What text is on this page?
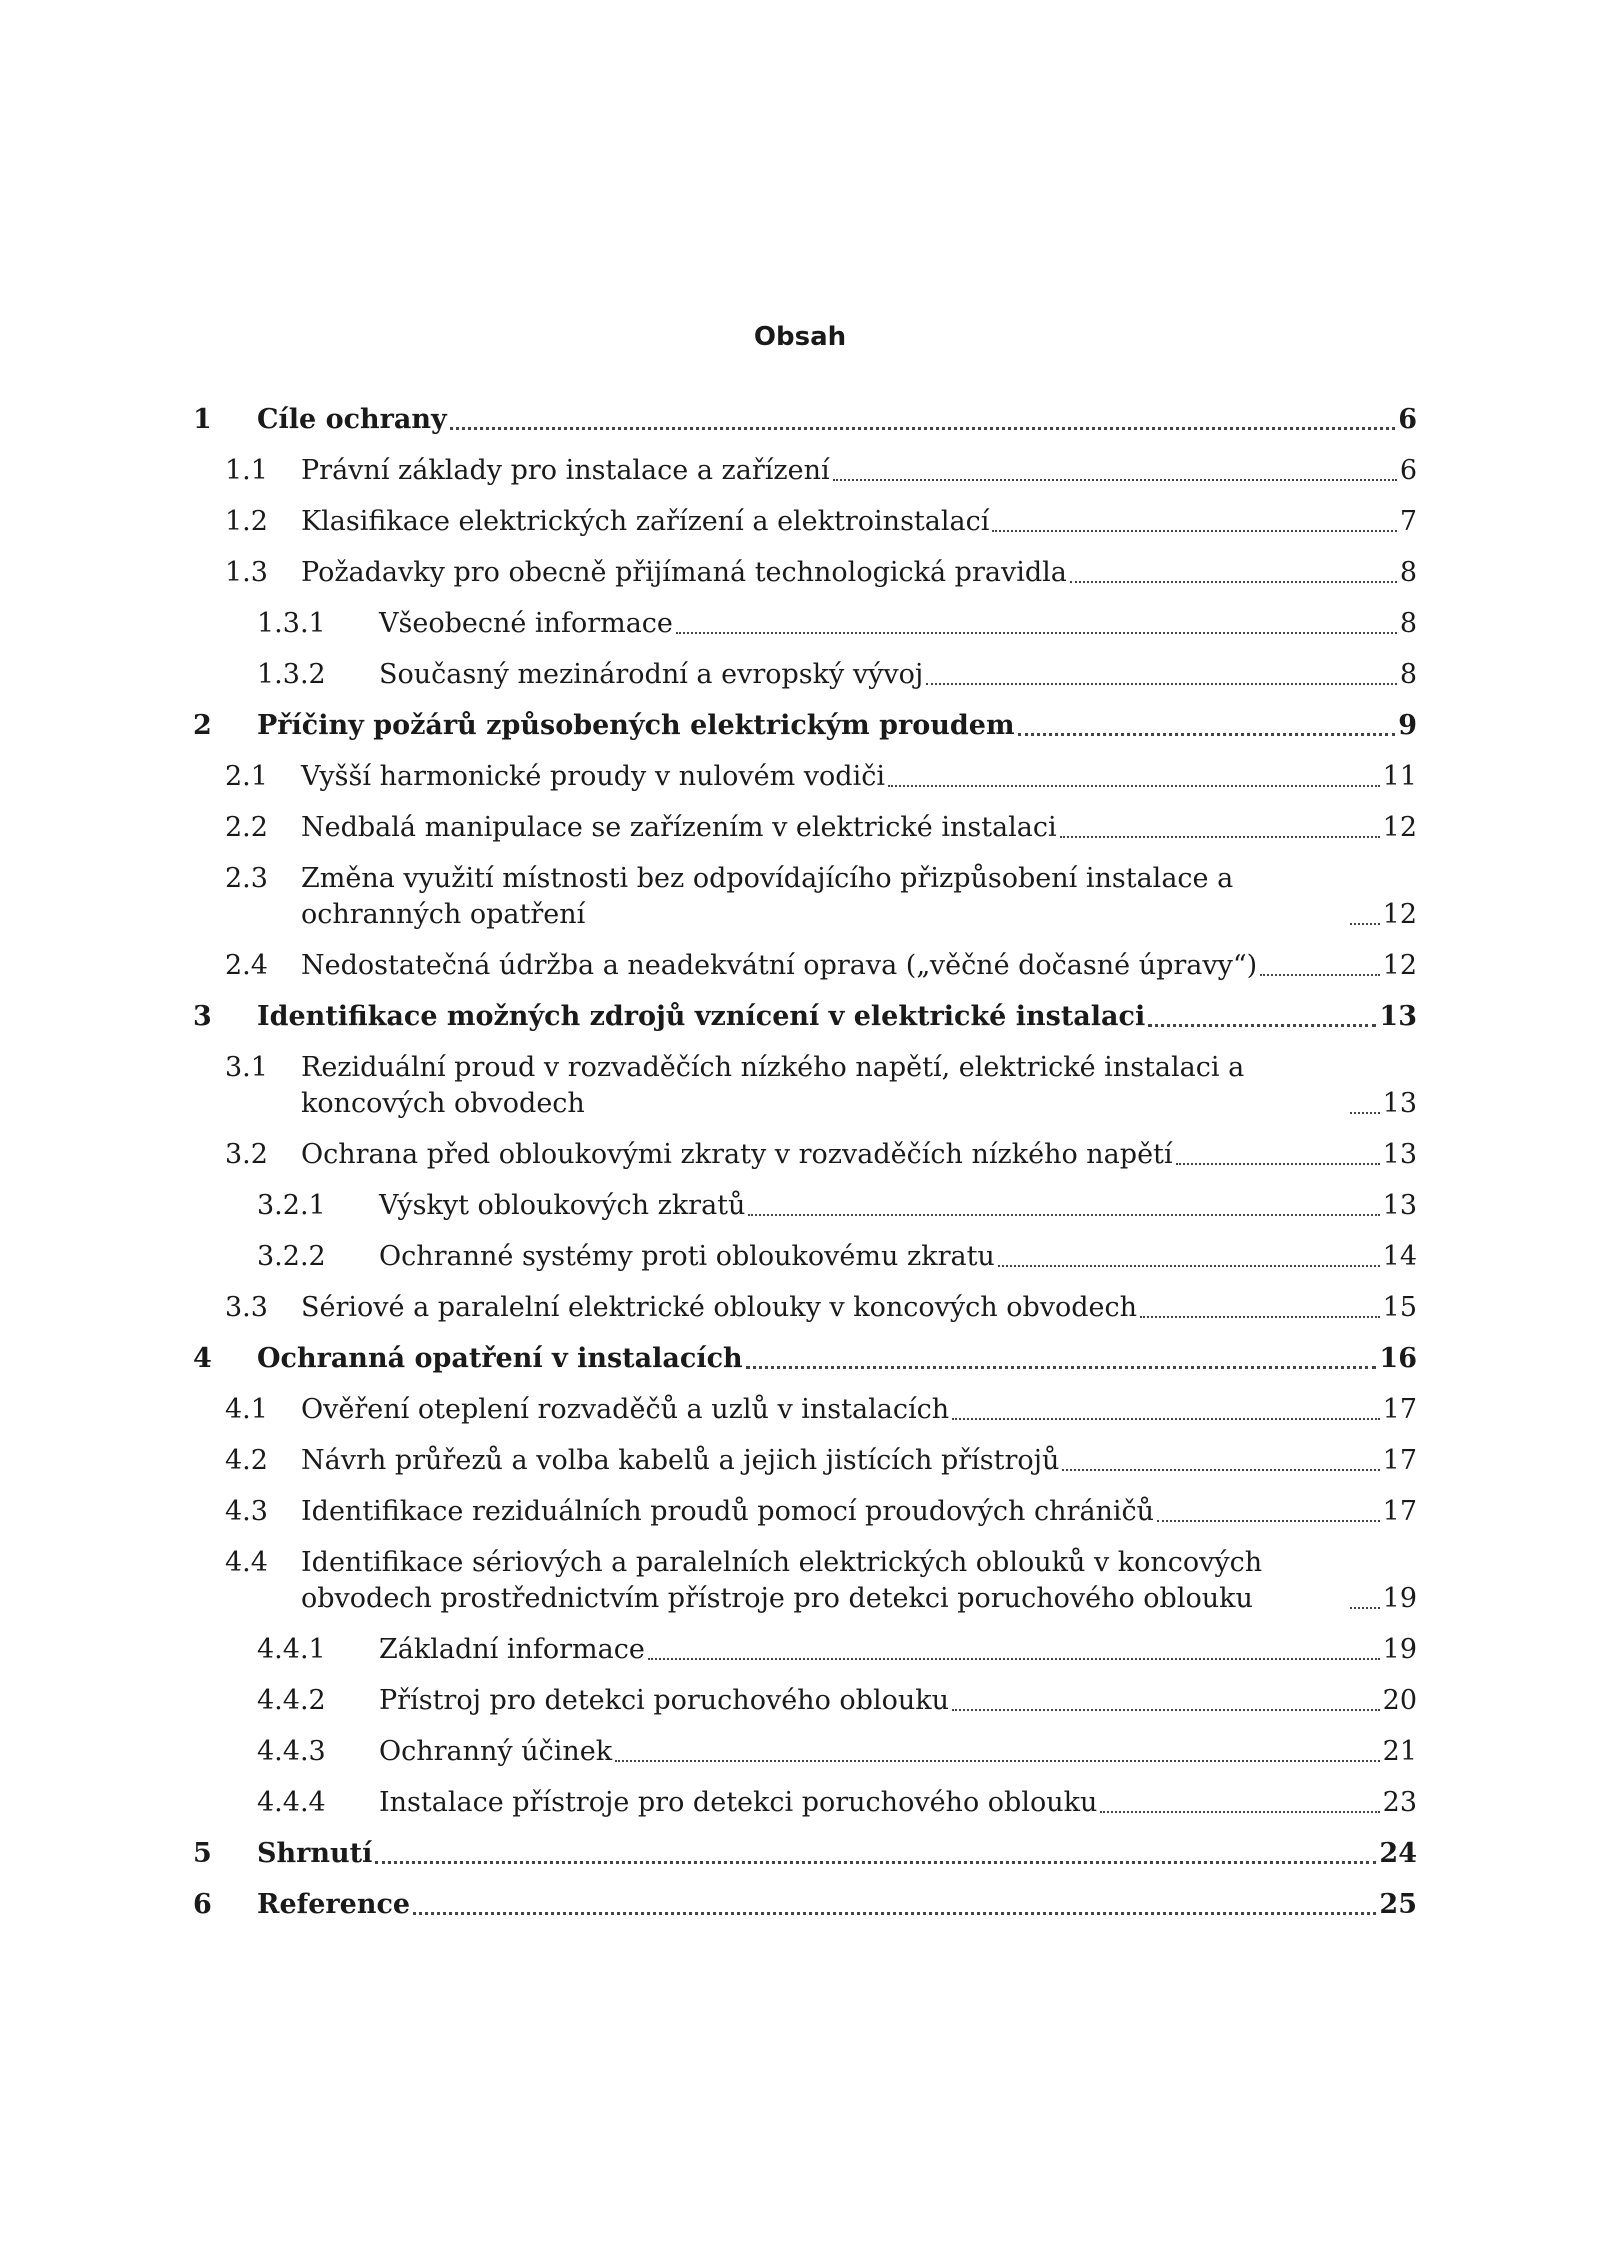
Obsah
1	Cíle ochrany	6
1.1	Právní základy pro instalace a zařízení	6
1.2	Klasifikace elektrických zařízení a elektroinstalací	7
1.3	Požadavky pro obecně přijímaná technologická pravidla	8
1.3.1	Všeobecné informace	8
1.3.2	Současný mezinárodní a evropský vývoj	8
2	Příčiny požárů způsobených elektrickým proudem	9
2.1	Vyšší harmonické proudy v nulovém vodiči	11
2.2	Nedbalá manipulace se zařízením v elektrické instalaci	12
2.3	Změna využití místnosti bez odpovídajícího přizpůsobení instalace a ochranných opatření	12
2.4	Nedostatečná údržba a neadekvátní oprava („věčné dočasné úpravy“)	12
3	Identifikace možných zdrojů vznícení v elektrické instalaci	13
3.1	Reziduální proud v rozvaděčích nízkého napětí, elektrické instalaci a koncových obvodech	13
3.2	Ochrana před obloukovými zkraty v rozvaděčích nízkého napětí	13
3.2.1	Výskyt obloukových zkratů	13
3.2.2	Ochranné systémy proti obloukovému zkratu	14
3.3	Sériové a paralelní elektrické oblouky v koncových obvodech	15
4	Ochranná opatření v instalacích	16
4.1	Ověření oteplení rozvaděčů a uzlů v instalacích	17
4.2	Návrh průřezů a volba kabelů a jejich jistících přístrojů	17
4.3	Identifikace reziduálních proudů pomocí proudových chráničů	17
4.4	Identifikace sériových a paralelních elektrických oblouků v koncových obvodech prostřednictvím přístroje pro detekci poruchového oblouku	19
4.4.1	Základní informace	19
4.4.2	Přístroj pro detekci poruchového oblouku	20
4.4.3	Ochranný účinek	21
4.4.4	Instalace přístroje pro detekci poruchového oblouku	23
5	Shrnutí	24
6	Reference	25
